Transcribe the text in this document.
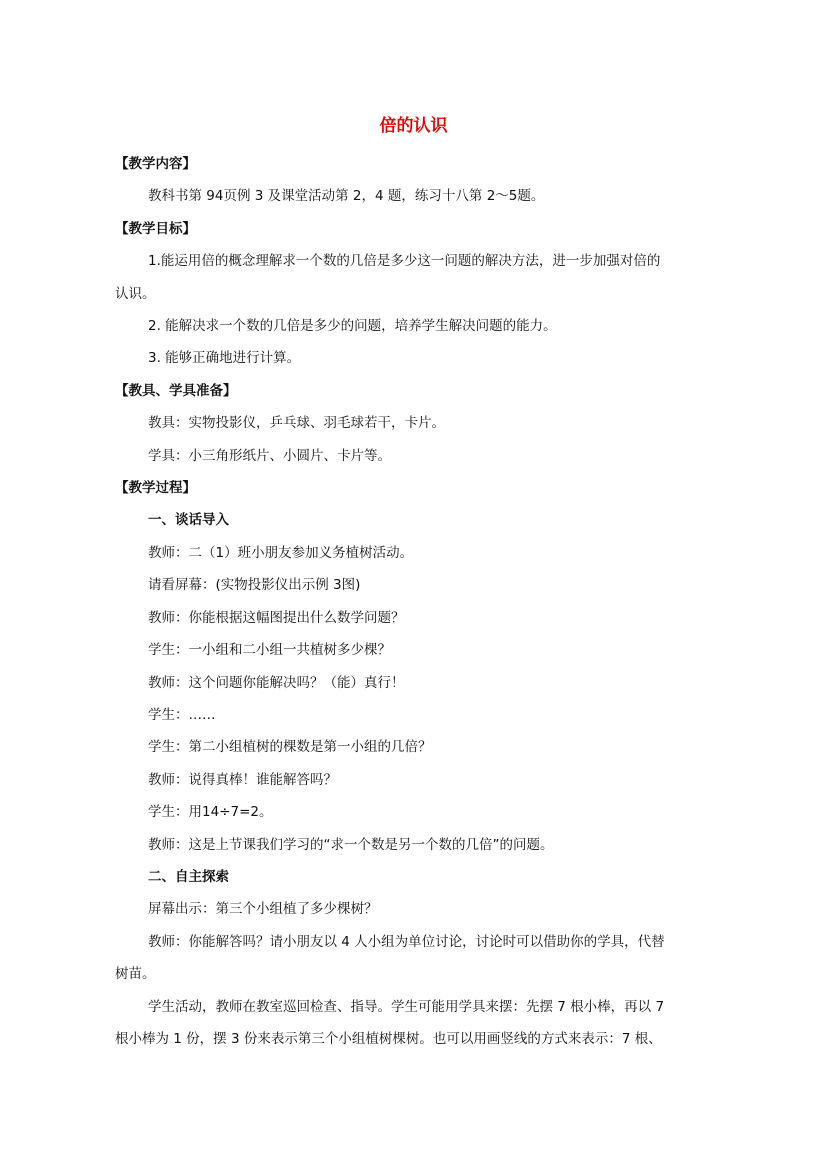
倍的认识
【教学内容】
教科书第 94页例 3 及课堂活动第 2，4 题，练习十八第 2～5题。
【教学目标】
1.能运用倍的概念理解求一个数的几倍是多少这一问题的解决方法，进一步加强对倍的
认识。
2. 能解决求一个数的几倍是多少的问题，培养学生解决问题的能力。
3. 能够正确地进行计算。
【教具、学具准备】
教具：实物投影仪，乒乓球、羽毛球若干，卡片。
学具：小三角形纸片、小圆片、卡片等。
【教学过程】
一、谈话导入
教师：二（1）班小朋友参加义务植树活动。
请看屏幕：(实物投影仪出示例 3图)
教师：你能根据这幅图提出什么数学问题？
学生：一小组和二小组一共植树多少棵？
教师：这个问题你能解决吗？（能）真行！
学生：……
学生：第二小组植树的棵数是第一小组的几倍？
教师：说得真棒！谁能解答吗？
学生：用14÷7=2。
教师：这是上节课我们学习的“求一个数是另一个数的几倍”的问题。
二、自主探索
屏幕出示：第三个小组植了多少棵树？
教师：你能解答吗？请小朋友以 4 人小组为单位讨论，讨论时可以借助你的学具，代替
树苗。
学生活动，教师在教室巡回检查、指导。学生可能用学具来摆：先摆 7 根小棒，再以 7
根小棒为 1 份，摆 3 份来表示第三个小组植树棵树。也可以用画竖线的方式来表示：7 根、
